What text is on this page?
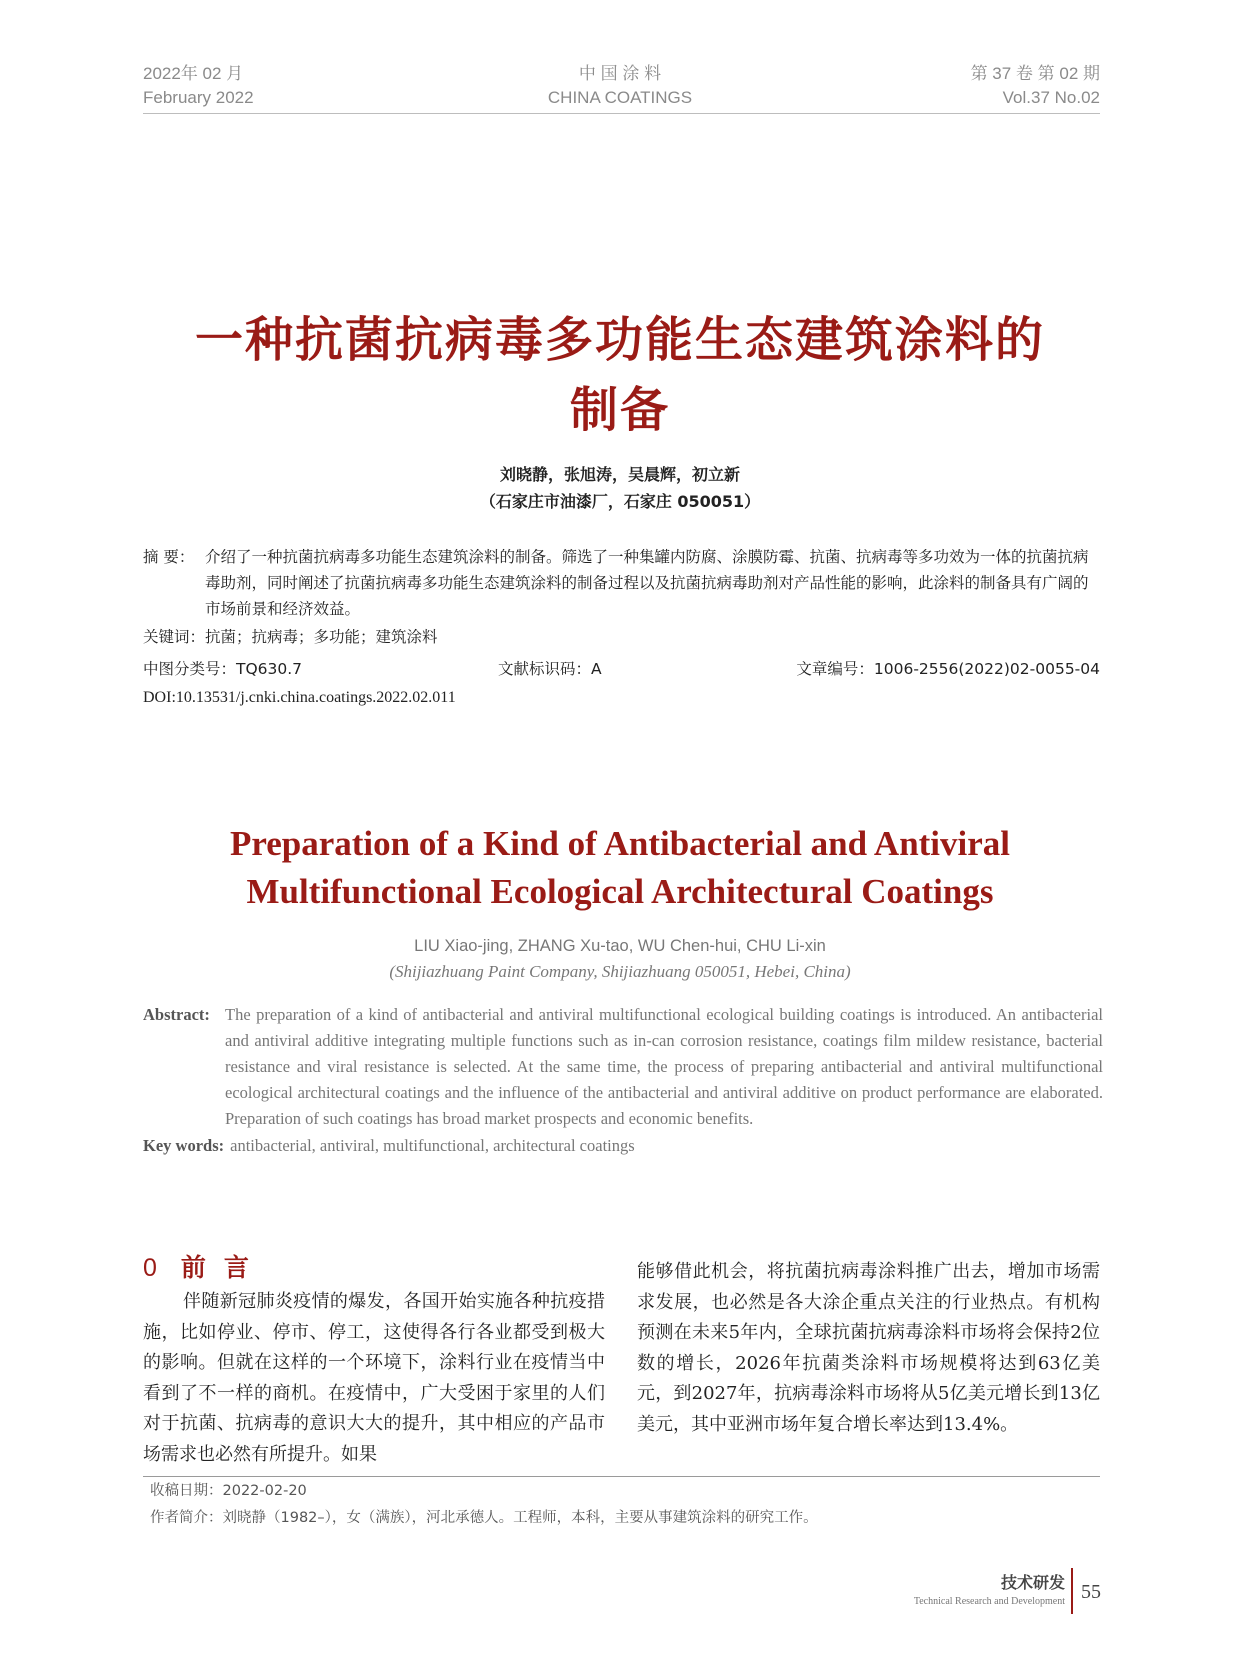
2022年 02 月
February 2022
中 国 涂 料
CHINA COATINGS
第 37 卷 第 02 期
Vol.37 No.02
一种抗菌抗病毒多功能生态建筑涂料的
制备
刘晓静，张旭涛，吴晨辉，初立新
（石家庄市油漆厂，石家庄 050051）
摘 要： 介绍了一种抗菌抗病毒多功能生态建筑涂料的制备。筛选了一种集罐内防腐、涂膜防霉、抗菌、抗病毒等多功效为一体的抗菌抗病毒助剂，同时阐述了抗菌抗病毒多功能生态建筑涂料的制备过程以及抗菌抗病毒助剂对产品性能的影响，此涂料的制备具有广阔的市场前景和经济效益。
关键词：抗菌；抗病毒；多功能；建筑涂料
中图分类号：TQ630.7	文献标识码：A	文章编号：1006-2556(2022)02-0055-04
DOI:10.13531/j.cnki.china.coatings.2022.02.011
Preparation of a Kind of Antibacterial and Antiviral
Multifunctional Ecological Architectural Coatings
LIU Xiao-jing, ZHANG Xu-tao, WU Chen-hui, CHU Li-xin
(Shijiazhuang Paint Company, Shijiazhuang 050051, Hebei, China)
Abstract: The preparation of a kind of antibacterial and antiviral multifunctional ecological building coatings is introduced. An antibacterial and antiviral additive integrating multiple functions such as in-can corrosion resistance, coatings film mildew resistance, bacterial resistance and viral resistance is selected. At the same time, the process of preparing antibacterial and antiviral multifunctional ecological architectural coatings and the influence of the antibacterial and antiviral additive on product performance are elaborated. Preparation of such coatings has broad market prospects and economic benefits.
Key words: antibacterial, antiviral, multifunctional, architectural coatings
0 前言
伴随新冠肺炎疫情的爆发，各国开始实施各种抗疫措施，比如停业、停市、停工，这使得各行各业都受到极大的影响。但就在这样的一个环境下，涂料行业在疫情当中看到了不一样的商机。在疫情中，广大受困于家里的人们对于抗菌、抗病毒的意识大大的提升，其中相应的产品市场需求也必然有所提升。如果
能够借此机会，将抗菌抗病毒涂料推广出去，增加市场需求发展，也必然是各大涂企重点关注的行业热点。有机构预测在未来5年内，全球抗菌抗病毒涂料市场将会保持2位数的增长，2026年抗菌类涂料市场规模将达到63亿美元，到2027年，抗病毒涂料市场将从5亿美元增长到13亿美元，其中亚洲市场年复合增长率达到13.4%。
收稿日期：2022-02-20
作者简介：刘晓静（1982–），女（满族），河北承德人。工程师，本科，主要从事建筑涂料的研究工作。
技术研发
Technical Research and Development 55
